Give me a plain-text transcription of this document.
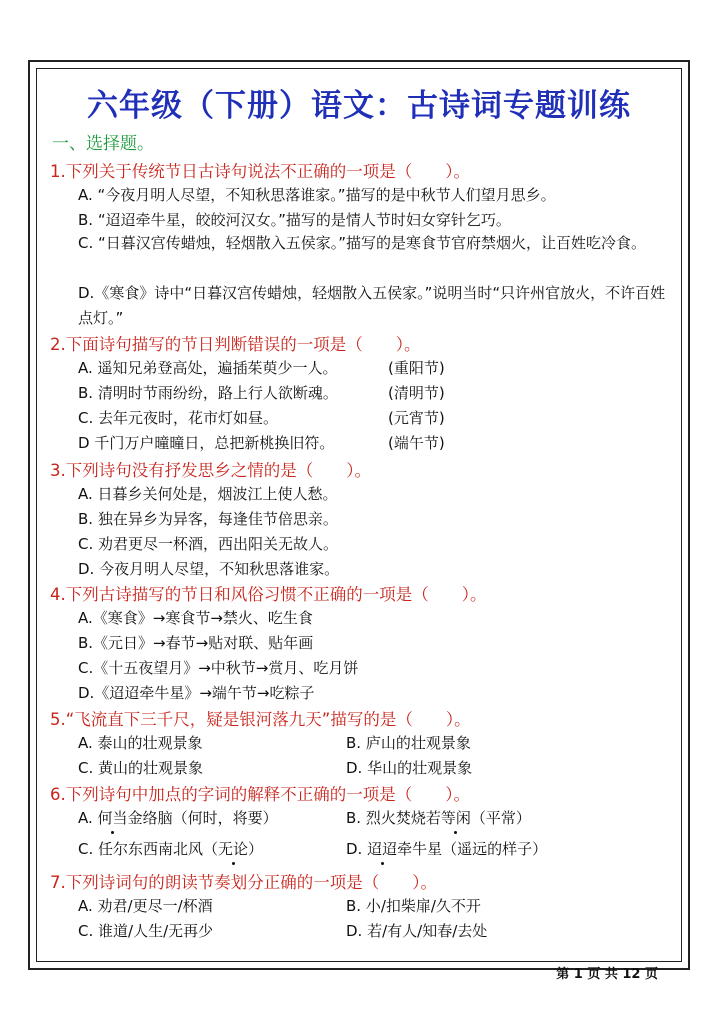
六年级（下册）语文：古诗词专题训练
一、选择题。
1.下列关于传统节日古诗句说法不正确的一项是（　　）。
A. “今夜月明人尽望，不知秋思落谁家。”描写的是中秋节人们望月思乡。
B. “迢迢牵牛星，皎皎河汉女。”描写的是情人节时妇女穿针乞巧。
C. “日暮汉宫传蜡烛，轻烟散入五侯家。”描写的是寒食节官府禁烟火，让百姓吃冷食。
D.《寒食》诗中“日暮汉宫传蜡烛，轻烟散入五侯家。”说明当时“只许州官放火，不许百姓点灯。”
2.下面诗句描写的节日判断错误的一项是（　　）。
A. 遥知兄弟登高处，遍插茱萸少一人。	(重阳节)
B. 清明时节雨纷纷，路上行人欲断魂。	(清明节)
C. 去年元夜时，花市灯如昼。	(元宵节)
D 千门万户曈曈日，总把新桃换旧符。	(端午节)
3.下列诗句没有抒发思乡之情的是（　　）。
A. 日暮乡关何处是，烟波江上使人愁。
B. 独在异乡为异客，每逢佳节倍思亲。
C. 劝君更尽一杯酒，西出阳关无故人。
D. 今夜月明人尽望，不知秋思落谁家。
4.下列古诗描写的节日和风俗习惯不正确的一项是（　　）。
A.《寒食》→寒食节→禁火、吃生食
B.《元日》→春节→贴对联、贴年画
C.《十五夜望月》→中秋节→赏月、吃月饼
D.《迢迢牵牛星》→端午节→吃粽子
5.“飞流直下三千尺，疑是银河落九天”描写的是（　　）。
A. 泰山的壮观景象	B. 庐山的壮观景象
C. 黄山的壮观景象	D. 华山的壮观景象
6.下列诗句中加点的字词的解释不正确的一项是（　　）。
A. 何当金络脑（何时，将要）	B. 烈火焚烧若等闲（平常）
C. 任尔东西南北风（无论）	D. 迢迢牵牛星（遥远的样子）
7.下列诗词句的朗读节奏划分正确的一项是（　　）。
A. 劝君/更尽一/杯酒	B. 小/扣柴扉/久不开
C. 谁道/人生/无再少	D. 若/有人/知春/去处
第 1 页 共 12 页
